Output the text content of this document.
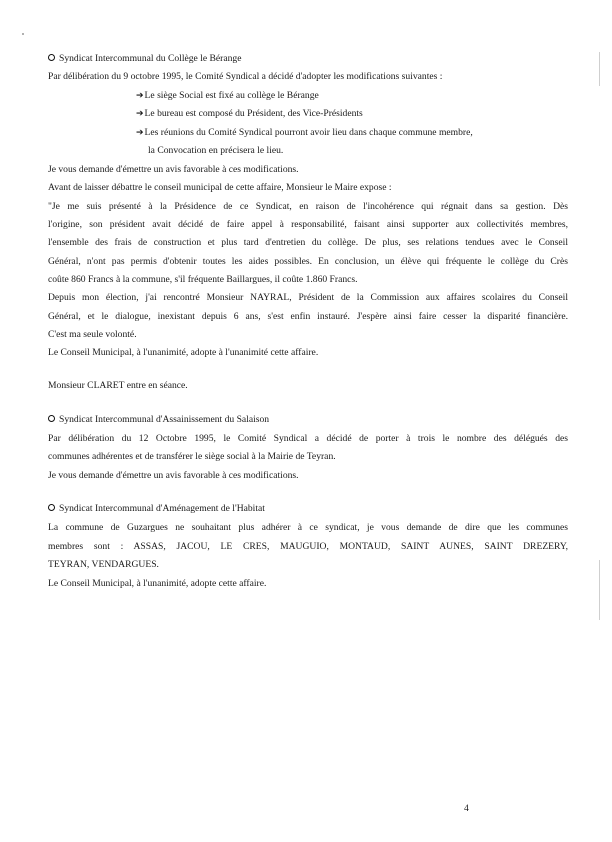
Syndicat Intercommunal du Collège le Bérange
Par délibération du 9 octobre 1995, le Comité Syndical a décidé d'adopter les modifications suivantes :
➔Le siège Social est fixé au collège le Bérange
➔Le bureau est composé du Président, des Vice-Présidents
➔Les réunions du Comité Syndical pourront avoir lieu dans chaque commune membre,
la Convocation en précisera le lieu.
Je vous demande d'émettre un avis favorable à ces modifications.
Avant de laisser débattre le conseil municipal de cette affaire, Monsieur le Maire expose :
"Je me suis présenté à la Présidence de ce Syndicat, en raison de l'incohérence qui régnait dans sa gestion. Dès
l'origine, son président avait décidé de faire appel à responsabilité, faisant ainsi supporter aux collectivités membres,
l'ensemble des frais de construction et plus tard d'entretien du collège. De plus, ses relations tendues avec le Conseil
Général, n'ont pas permis d'obtenir toutes les aides possibles. En conclusion, un élève qui fréquente le collège du Crès
coûte 860 Francs à la commune, s'il fréquente Baillargues, il coûte 1.860 Francs.
Depuis mon élection, j'ai rencontré Monsieur NAYRAL, Président de la Commission aux affaires scolaires du Conseil
Général, et le dialogue, inexistant depuis 6 ans, s'est enfin instauré. J'espère ainsi faire cesser la disparité financière.
C'est ma seule volonté.
Le Conseil Municipal, à l'unanimité, adopte à l'unanimité cette affaire.
Monsieur CLARET entre en séance.
Syndicat Intercommunal d'Assainissement du Salaison
Par délibération du 12 Octobre 1995, le Comité Syndical a décidé de porter à trois le nombre des délégués des
communes adhérentes et de transférer le siège social à la Mairie de Teyran.
Je vous demande d'émettre un avis favorable à ces modifications.
Syndicat Intercommunal d'Aménagement de l'Habitat
La commune de Guzargues ne souhaitant plus adhérer à ce syndicat, je vous demande de dire que les communes
membres sont : ASSAS, JACOU, LE CRES, MAUGUIO, MONTAUD, SAINT AUNES, SAINT DREZERY,
TEYRAN, VENDARGUES.
Le Conseil Municipal, à l'unanimité, adopte cette affaire.
4
